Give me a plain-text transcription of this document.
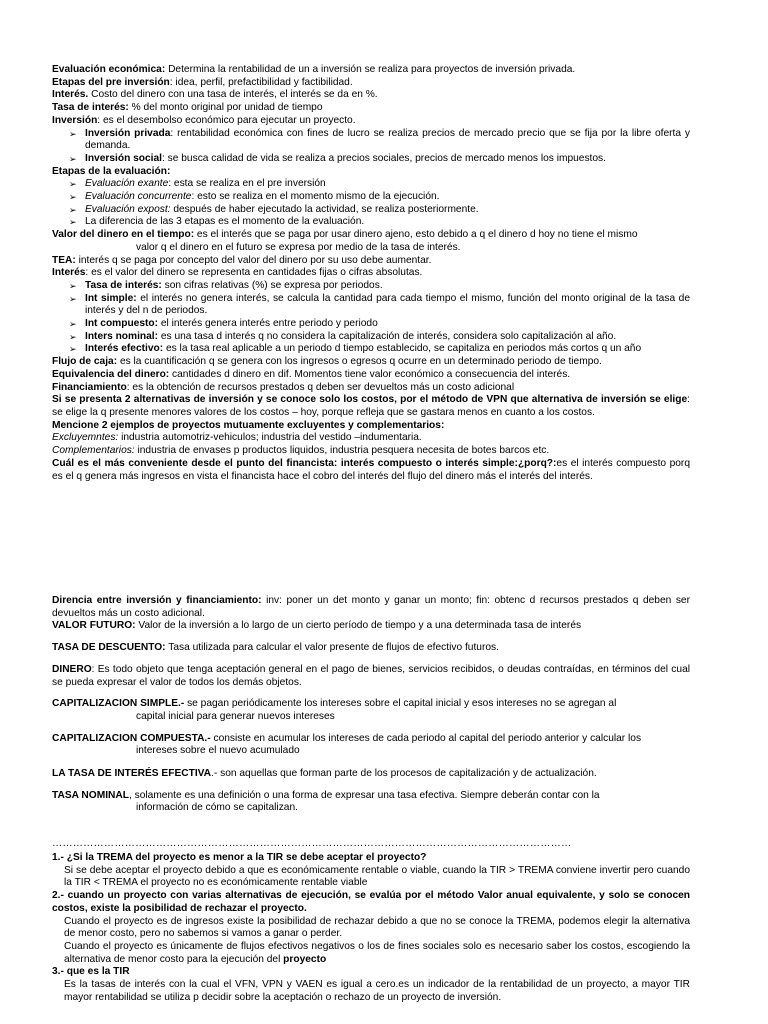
Evaluación económica: Determina la rentabilidad de un a inversión se realiza para proyectos de inversión privada.

Etapas del pre inversión: idea, perfil, prefactibilidad y factibilidad.

Interés. Costo del dinero con una tasa de interés, el interés se da en %.

Tasa de interés: % del monto original por unidad de tiempo

Inversión: es el desembolso económico para ejecutar un proyecto.

➢ Inversión privada: rentabilidad económica con fines de lucro se realiza precios de mercado precio que se fija por la libre oferta y demanda.

➢ Inversión social: se busca calidad de vida se realiza a precios sociales, precios de mercado menos los impuestos.

Etapas de la evaluación:

➢ Evaluación exante: esta se realiza en el pre inversión

➢ Evaluación concurrente: esto se realiza en el momento mismo de la ejecución.

➢ Evaluación expost: después de haber ejecutado la actividad, se realiza posteriormente.

➢ La diferencia de las 3 etapas es el momento de la evaluación.

Valor del dinero en el tiempo: es el interés que se paga por usar dinero ajeno, esto debido a q el dinero d hoy no tiene el mismo

valor q el dinero en el futuro se expresa por medio de la tasa de interés.

TEA: interés q se paga por concepto del valor del dinero por su uso debe aumentar.

Interés: es el valor del dinero se representa en cantidades fijas o cifras absolutas.

➢ Tasa de interés: son cifras relativas (%) se expresa por periodos.

➢ Int simple: el interés no genera interés, se calcula la cantidad para cada tiempo el mismo, función del monto original de la tasa de interés y del n de periodos.

➢ Int compuesto: el interés genera interés entre periodo y periodo

➢ Inters nominal: es una tasa d interés q no considera la capitalización de interés, considera solo capitalización al año.

➢ Interés efectivo: es la tasa real aplicable a un periodo d tiempo establecido, se capitaliza en periodos más cortos q un año

Flujo de caja: es la cuantificación q se genera con los ingresos o egresos q ocurre en un determinado periodo de tiempo.

Equivalencia del dinero: cantidades d dinero en dif. Momentos tiene valor económico a consecuencia del interés.

Financiamiento: es la obtención de recursos prestados q deben ser devueltos más un costo adicional

Si se presenta 2 alternativas de inversión y se conoce solo los costos, por el método de VPN que alternativa de inversión se elige: se elige la q presente menores valores de los costos – hoy, porque refleja que se gastara menos en cuanto a los costos.

Mencione 2 ejemplos de proyectos mutuamente excluyentes y complementarios:

Excluyemntes: industria automotriz-vehiculos; industria del vestido –indumentaria.

Complementarios: industria de envases p productos liquidos, industria pesquera necesita de botes barcos etc.

Cuál es el más conveniente desde el punto del financista: interés compuesto o interés simple:¿porq?:es el interés compuesto porq es el q genera más ingresos en vista el financista hace el cobro del interés del flujo del dinero más el interés del interés.

Direncia entre inversión y financiamiento: inv: poner un det monto y ganar un monto; fin: obtenc d recursos prestados q deben ser devueltos más un costo adicional.

VALOR FUTURO: Valor de la inversión a lo largo de un cierto período de tiempo y a una determinada tasa de interés

TASA DE DESCUENTO: Tasa utilizada para calcular el valor presente de flujos de efectivo futuros.

DINERO: Es todo objeto que tenga aceptación general en el pago de bienes, servicios recibidos, o deudas contraídas, en términos del cual se pueda expresar el valor de todos los demás objetos.

CAPITALIZACION SIMPLE.- se pagan periódicamente los intereses sobre el capital inicial y esos intereses no se agregan al

capital inicial para generar nuevos intereses

CAPITALIZACION COMPUESTA.- consiste en acumular los intereses de cada periodo al capital del periodo anterior y calcular los

intereses sobre el nuevo acumulado

LA TASA DE INTERÉS EFECTIVA.- son aquellas que forman parte de los procesos de capitalización y de actualización.

TASA NOMINAL, solamente es una definición o una forma de expresar una tasa efectiva. Siempre deberán contar con la

información de cómo se capitalizan.

……………………………………………………………………………………………………………………………………

1.- ¿Si la TREMA del proyecto es menor a la TIR se debe aceptar el proyecto?

Si se debe aceptar el proyecto debido a que es económicamente rentable o viable, cuando la TIR > TREMA conviene invertir pero cuando la TIR < TREMA el proyecto no es económicamente rentable viable

2.- cuando un proyecto con varias alternativas de ejecución, se evalúa por el método Valor anual equivalente, y solo se conocen costos, existe la posibilidad de rechazar el proyecto.

Cuando el proyecto es de ingresos existe la posibilidad de rechazar debido a que no se conoce la TREMA, podemos elegir la alternativa de menor costo, pero no sabemos si vamos a ganar o perder.

Cuando el proyecto es únicamente de flujos efectivos negativos o los de fines sociales solo es necesario saber los costos, escogiendo la alternativa de menor costo para la ejecución del proyecto

3.- que es la TIR

Es la tasas de interés con la cual el VFN, VPN y VAEN es igual a cero.es un indicador de la rentabilidad de un proyecto, a mayor TIR mayor rentabilidad se utiliza p decidir sobre la aceptación o rechazo de un proyecto de inversión.
